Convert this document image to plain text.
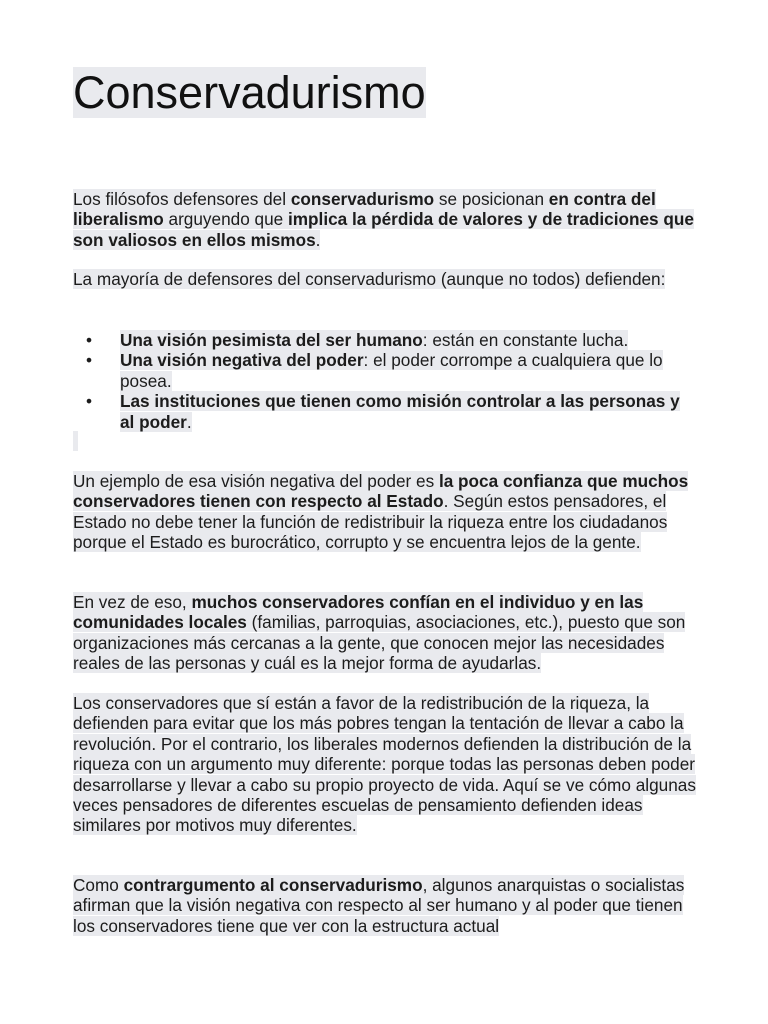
Conservadurismo

Los filósofos defensores del conservadurismo se posicionan en contra del liberalismo arguyendo que implica la pérdida de valores y de tradiciones que son valiosos en ellos mismos.

La mayoría de defensores del conservadurismo (aunque no todos) defienden:

• Una visión pesimista del ser humano: están en constante lucha.
• Una visión negativa del poder: el poder corrompe a cualquiera que lo posea.
• Las instituciones que tienen como misión controlar a las personas y al poder.

Un ejemplo de esa visión negativa del poder es la poca confianza que muchos conservadores tienen con respecto al Estado. Según estos pensadores, el Estado no debe tener la función de redistribuir la riqueza entre los ciudadanos porque el Estado es burocrático, corrupto y se encuentra lejos de la gente.

En vez de eso, muchos conservadores confían en el individuo y en las comunidades locales (familias, parroquias, asociaciones, etc.), puesto que son organizaciones más cercanas a la gente, que conocen mejor las necesidades reales de las personas y cuál es la mejor forma de ayudarlas.

Los conservadores que sí están a favor de la redistribución de la riqueza, la defienden para evitar que los más pobres tengan la tentación de llevar a cabo la revolución. Por el contrario, los liberales modernos defienden la distribución de la riqueza con un argumento muy diferente: porque todas las personas deben poder desarrollarse y llevar a cabo su propio proyecto de vida. Aquí se ve cómo algunas veces pensadores de diferentes escuelas de pensamiento defienden ideas similares por motivos muy diferentes.

Como contrargumento al conservadurismo, algunos anarquistas o socialistas afirman que la visión negativa con respecto al ser humano y al poder que tienen los conservadores tiene que ver con la estructura actual
